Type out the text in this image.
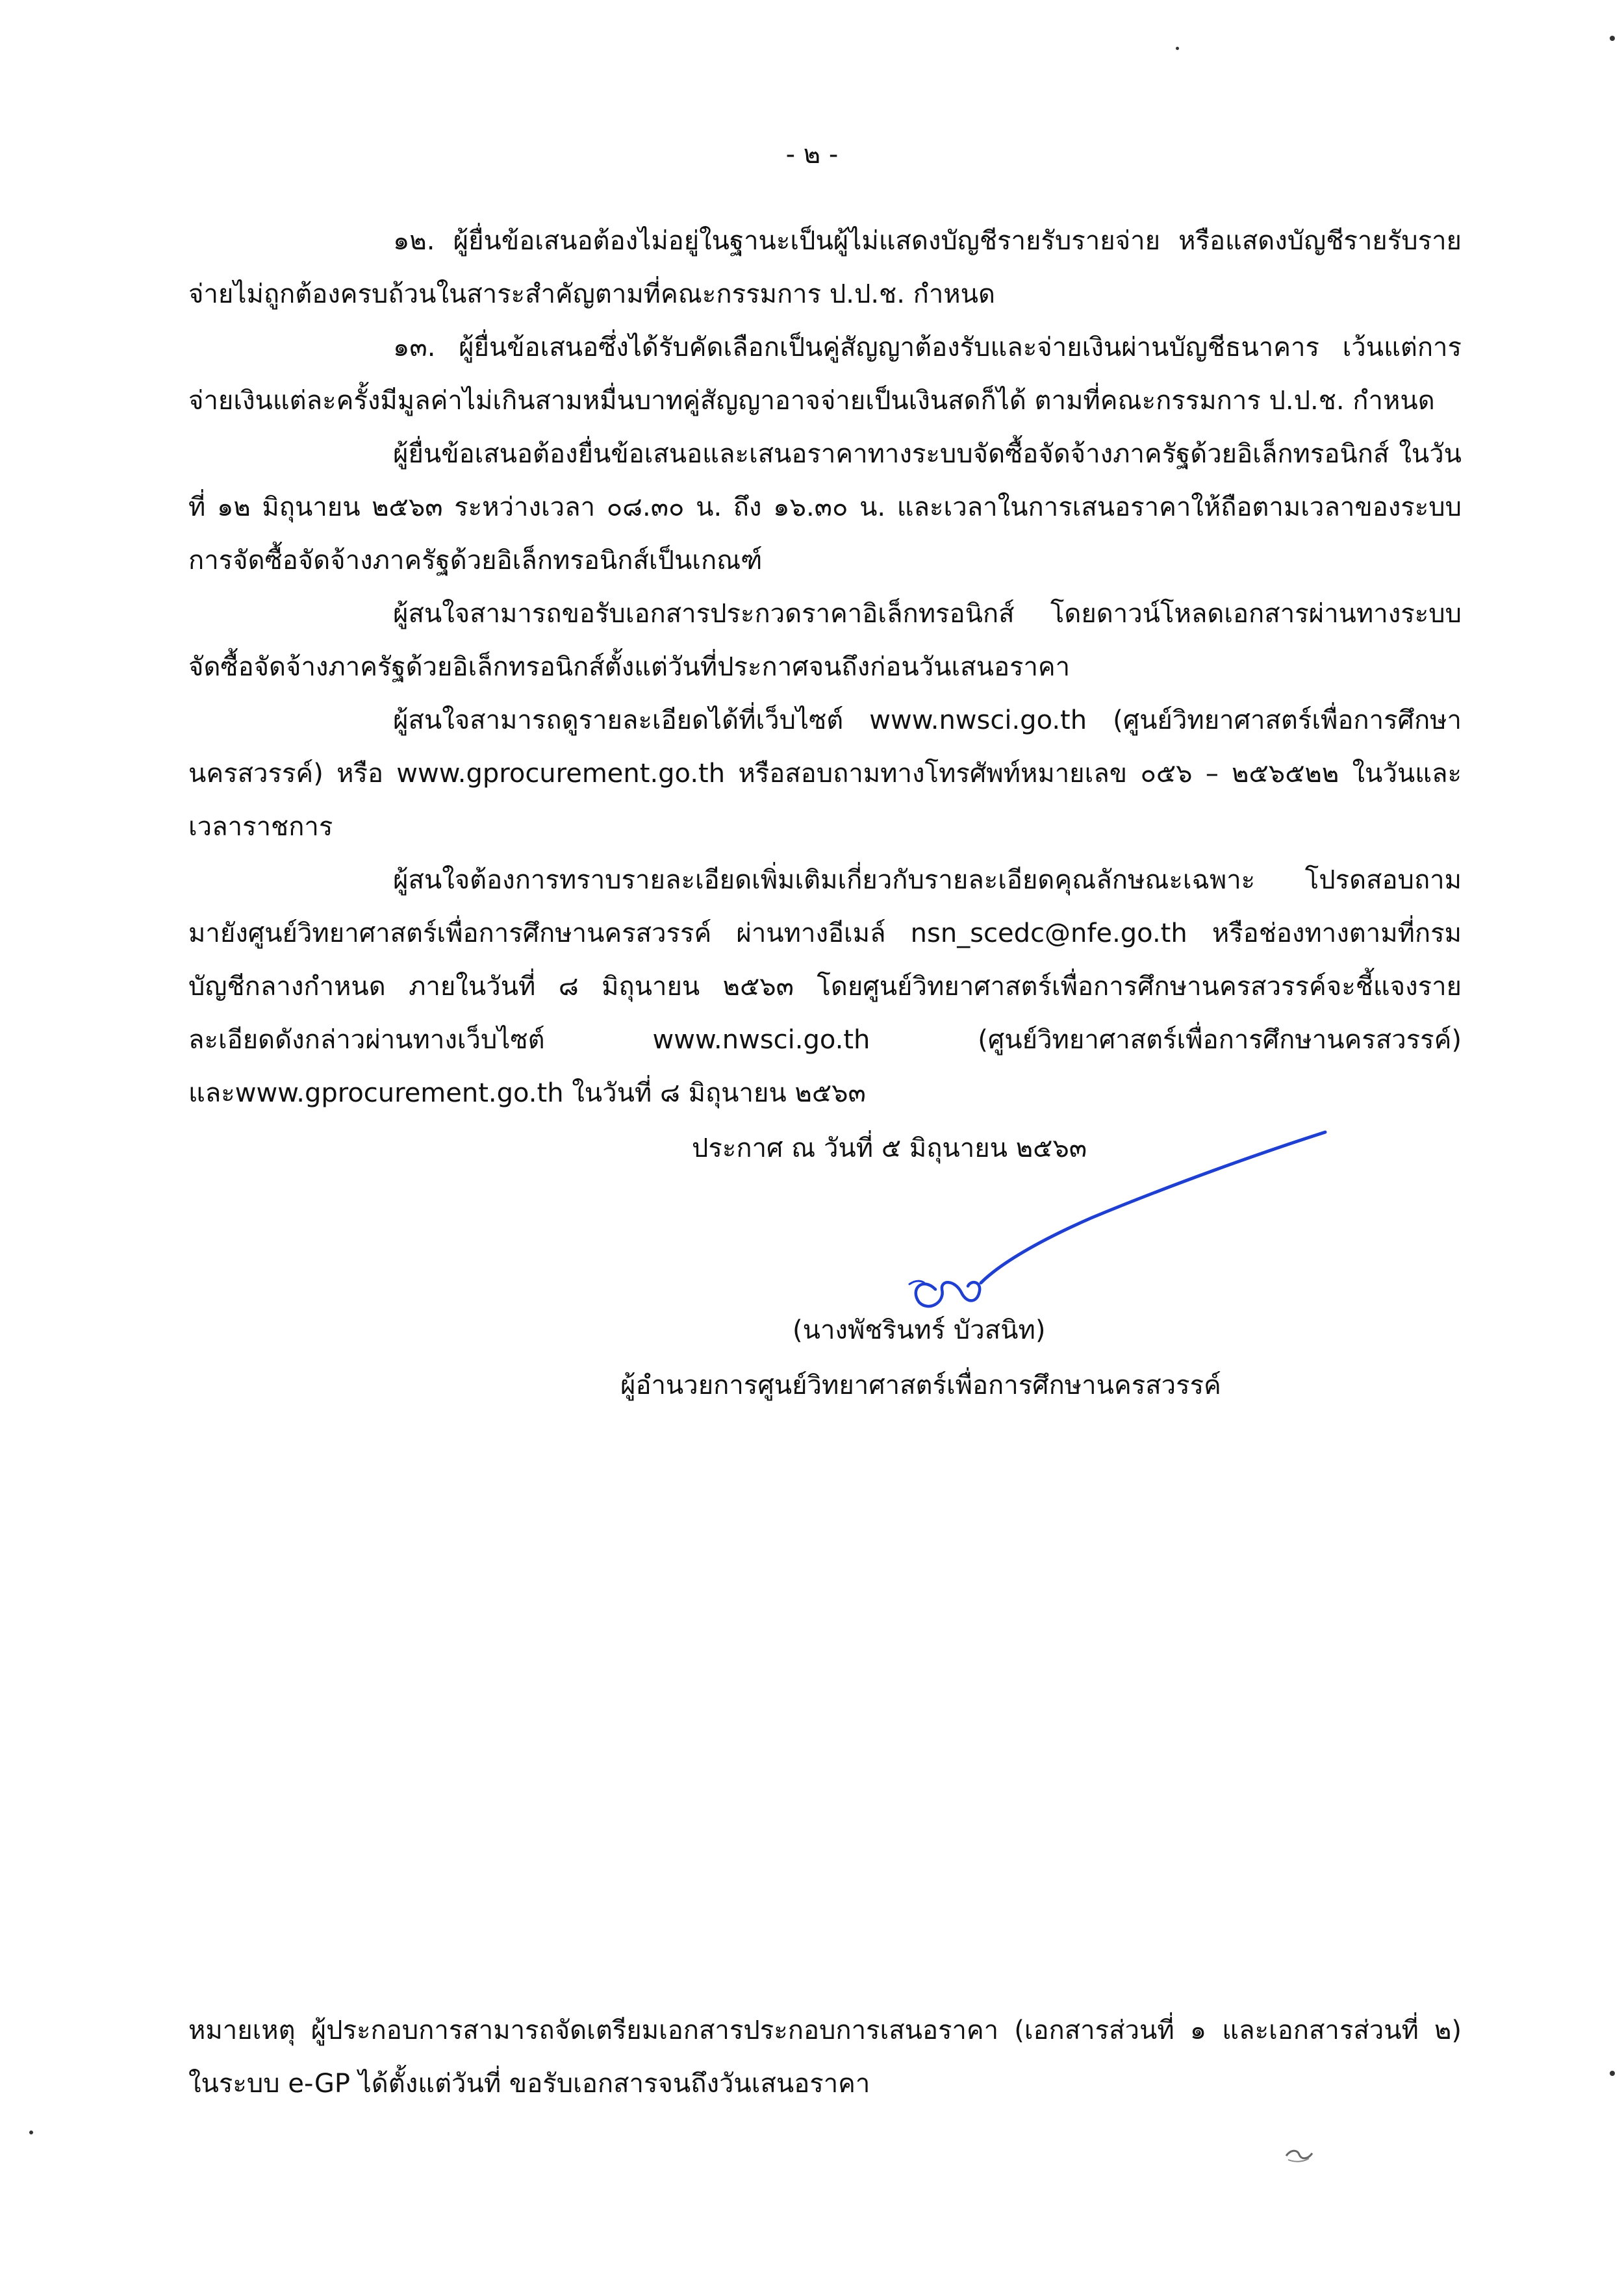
- ๒ -

๑๒. ผู้ยื่นข้อเสนอต้องไม่อยู่ในฐานะเป็นผู้ไม่แสดงบัญชีรายรับรายจ่าย หรือแสดงบัญชีรายรับรายจ่ายไม่ถูกต้องครบถ้วนในสาระสำคัญตามที่คณะกรรมการ ป.ป.ช. กำหนด

๑๓. ผู้ยื่นข้อเสนอซึ่งได้รับคัดเลือกเป็นคู่สัญญาต้องรับและจ่ายเงินผ่านบัญชีธนาคาร เว้นแต่การจ่ายเงินแต่ละครั้งมีมูลค่าไม่เกินสามหมื่นบาทคู่สัญญาอาจจ่ายเป็นเงินสดก็ได้ ตามที่คณะกรรมการ ป.ป.ช. กำหนด

ผู้ยื่นข้อเสนอต้องยื่นข้อเสนอและเสนอราคาทางระบบจัดซื้อจัดจ้างภาครัฐด้วยอิเล็กทรอนิกส์ ในวันที่ ๑๒ มิถุนายน ๒๕๖๓ ระหว่างเวลา ๐๘.๓๐ น. ถึง ๑๖.๓๐ น. และเวลาในการเสนอราคาให้ถือตามเวลาของระบบการจัดซื้อจัดจ้างภาครัฐด้วยอิเล็กทรอนิกส์เป็นเกณฑ์

ผู้สนใจสามารถขอรับเอกสารประกวดราคาอิเล็กทรอนิกส์ โดยดาวน์โหลดเอกสารผ่านทางระบบจัดซื้อจัดจ้างภาครัฐด้วยอิเล็กทรอนิกส์ตั้งแต่วันที่ประกาศจนถึงก่อนวันเสนอราคา

ผู้สนใจสามารถดูรายละเอียดได้ที่เว็บไซต์ www.nwsci.go.th (ศูนย์วิทยาศาสตร์เพื่อการศึกษานครสวรรค์) หรือ www.gprocurement.go.th หรือสอบถามทางโทรศัพท์หมายเลข ๐๕๖ – ๒๕๖๕๒๒ ในวันและเวลาราชการ

ผู้สนใจต้องการทราบรายละเอียดเพิ่มเติมเกี่ยวกับรายละเอียดคุณลักษณะเฉพาะ โปรดสอบถามมายังศูนย์วิทยาศาสตร์เพื่อการศึกษานครสวรรค์ ผ่านทางอีเมล์ nsn_scedc@nfe.go.th หรือช่องทางตามที่กรมบัญชีกลางกำหนด ภายในวันที่ ๘ มิถุนายน ๒๕๖๓ โดยศูนย์วิทยาศาสตร์เพื่อการศึกษานครสวรรค์จะชี้แจงรายละเอียดดังกล่าวผ่านทางเว็บไซต์ www.nwsci.go.th (ศูนย์วิทยาศาสตร์เพื่อการศึกษานครสวรรค์) และwww.gprocurement.go.th ในวันที่ ๘ มิถุนายน ๒๕๖๓

ประกาศ ณ วันที่ ๕ มิถุนายน ๒๕๖๓
(นางพัชรินทร์ บัวสนิท)
ผู้อำนวยการศูนย์วิทยาศาสตร์เพื่อการศึกษานครสวรรค์
หมายเหตุ ผู้ประกอบการสามารถจัดเตรียมเอกสารประกอบการเสนอราคา (เอกสารส่วนที่ ๑ และเอกสารส่วนที่ ๒) ในระบบ e-GP ได้ตั้งแต่วันที่ ขอรับเอกสารจนถึงวันเสนอราคา
